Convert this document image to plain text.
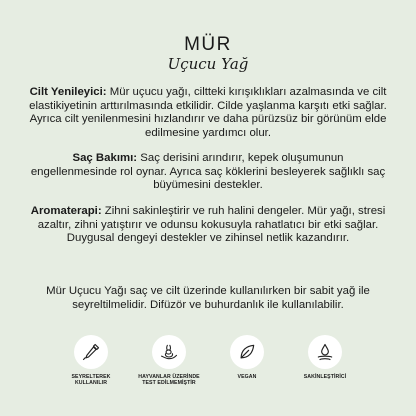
MÜR
Uçucu Yağ
Cilt Yenileyici: Mür uçucu yağı, ciltteki kırışıklıkları azalmasında ve cilt elastikiyetinin arttırılmasında etkilidir. Cilde yaşlanma karşıtı etki sağlar. Ayrıca cilt yenilenmesini hızlandırır ve daha pürüzsüz bir görünüm elde edilmesine yardımcı olur.
Saç Bakımı: Saç derisini arındırır, kepek oluşumunun engellenmesinde rol oynar. Ayrıca saç köklerini besleyerek sağlıklı saç büyümesini destekler.
Aromaterapi: Zihni sakinleştirir ve ruh halini dengeler. Mür yağı, stresi azaltır, zihni yatıştırır ve odunsu kokusuyla rahatlatıcı bir etki sağlar. Duygusal dengeyi destekler ve zihinsel netlik kazandırır.
Mür Uçucu Yağı saç ve cilt üzerinde kullanılırken bir sabit yağ ile seyreltilmelidir. Difüzör ve buhurdanlık ile kullanılabilir.
SEYRELTEREK KULLANILIR
HAYVANLAR ÜZERİNDE TEST EDİLMEMİŞTİR
VEGAN	SAKİNLEŞTİRİCİ
